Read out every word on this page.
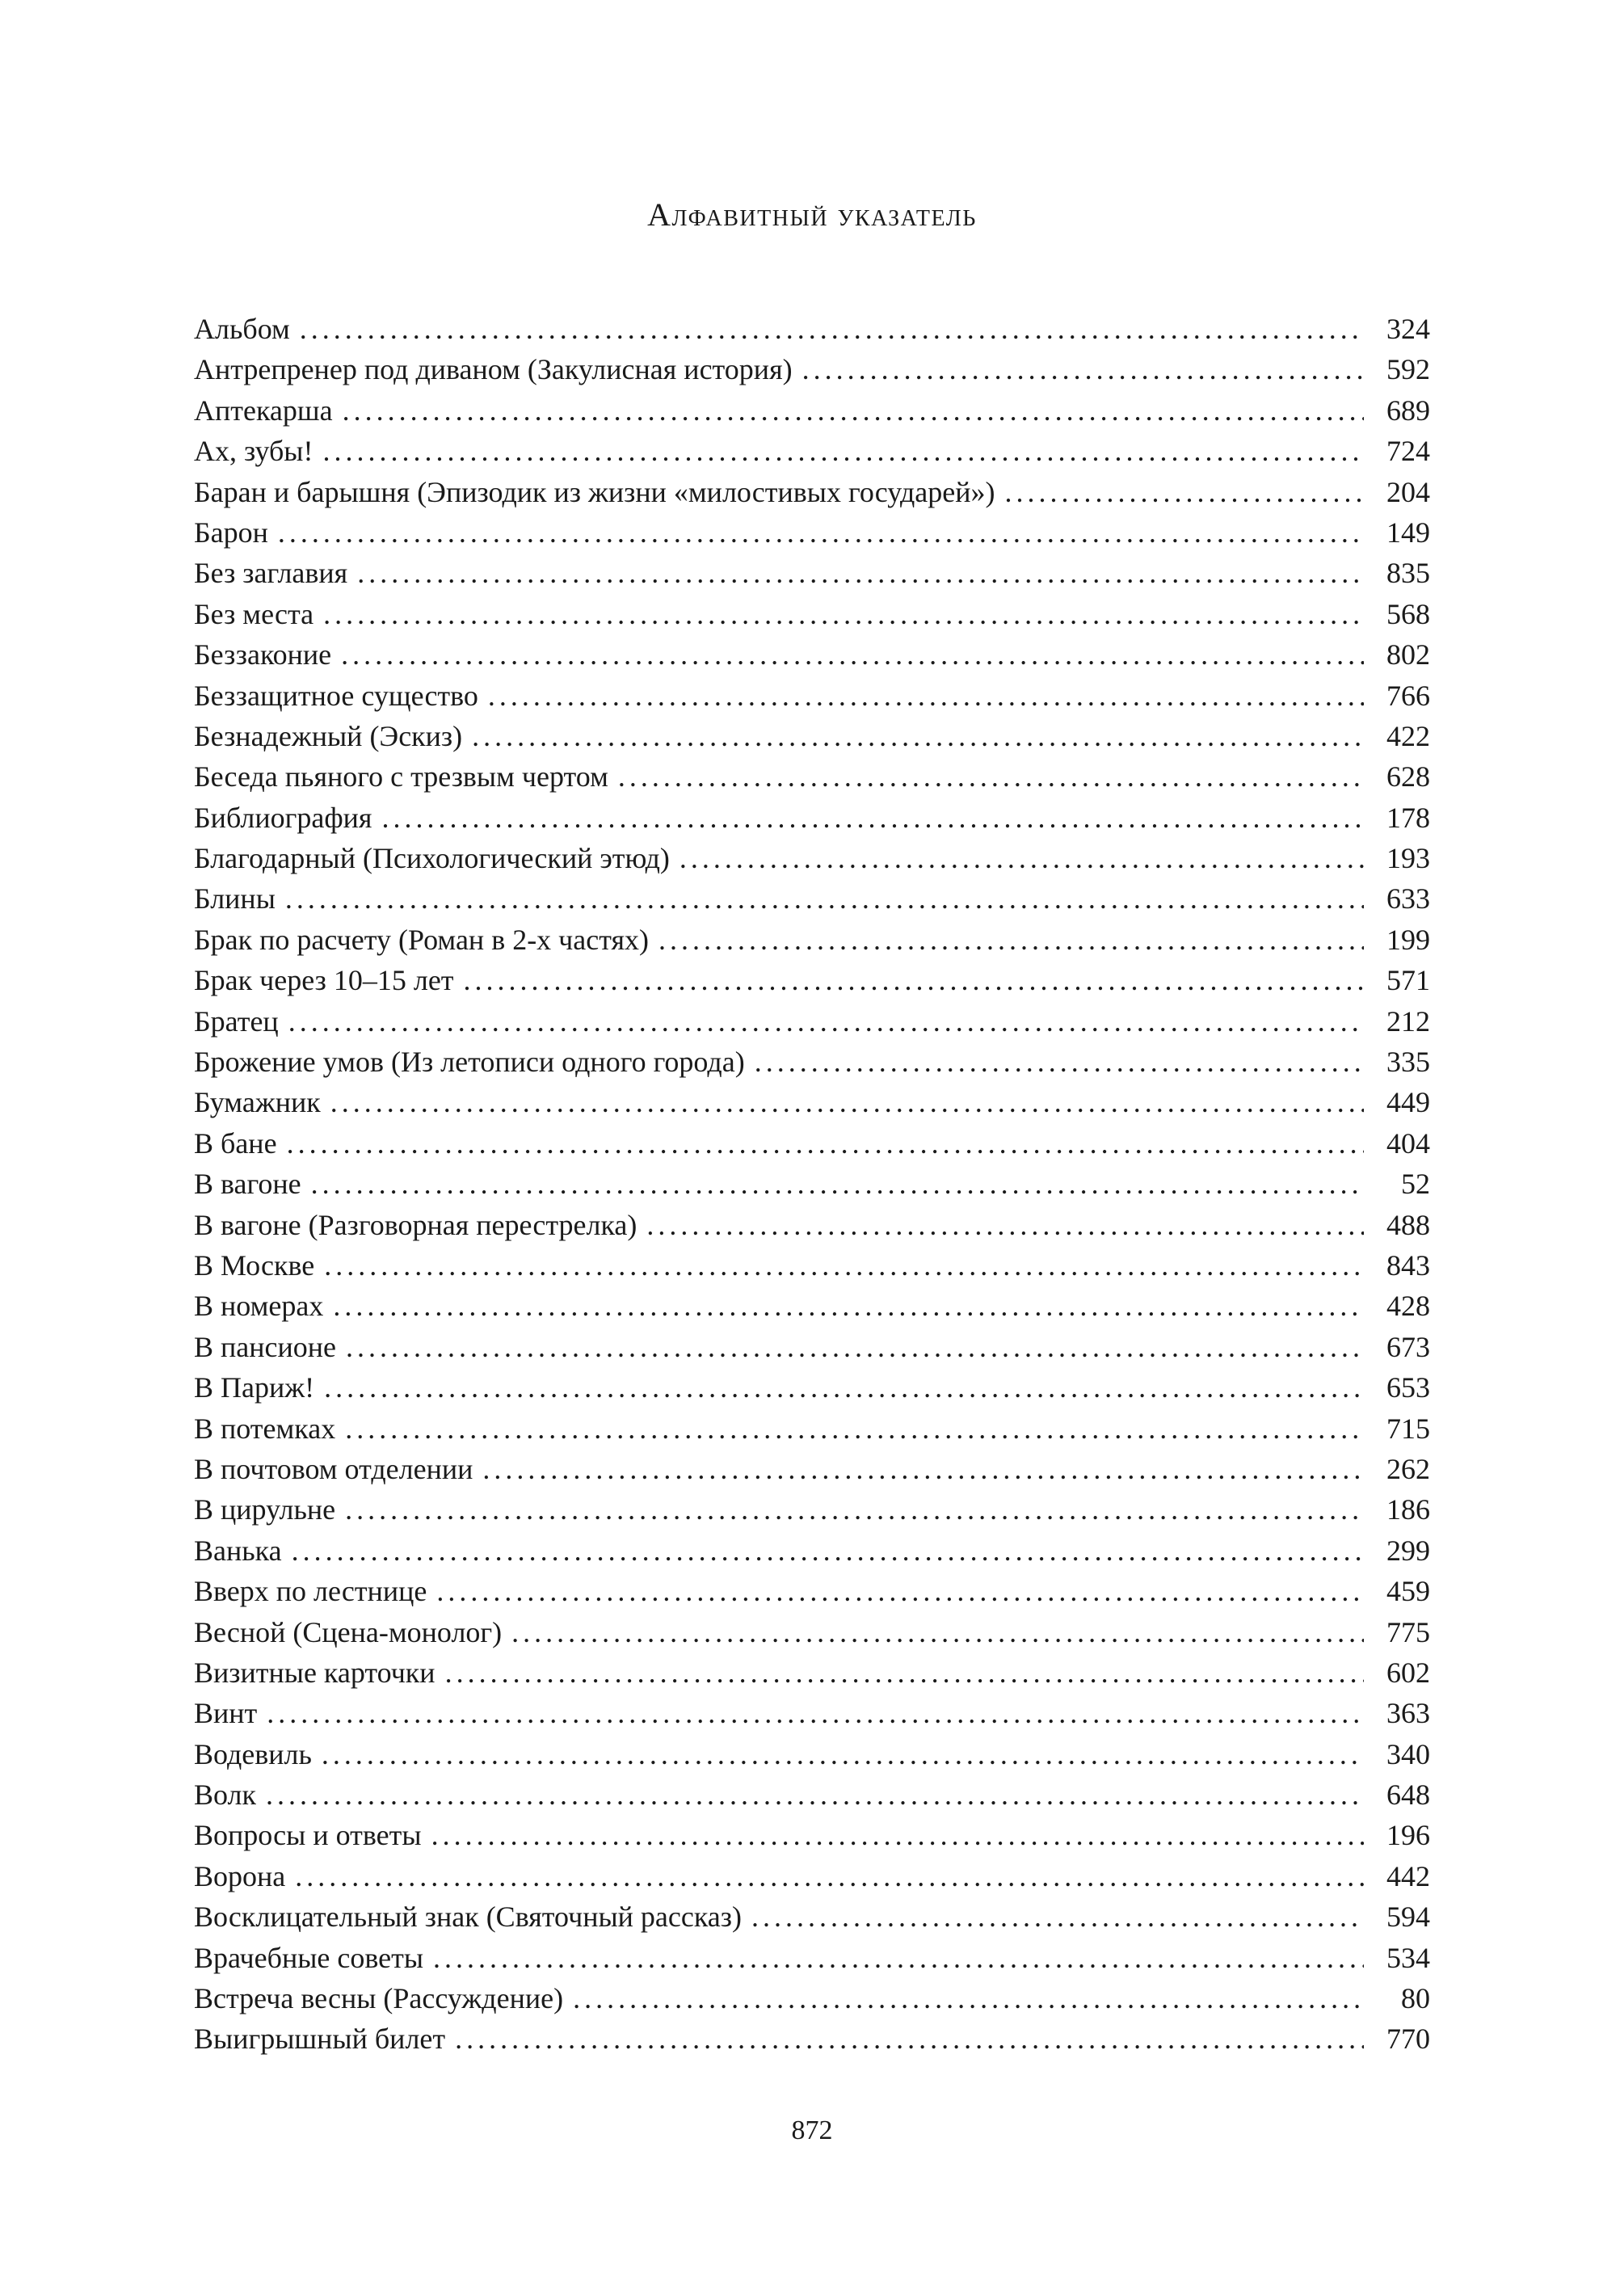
Алфавитный указатель
Альбом . . .	324
Антрепренер под диваном (Закулисная история) . . .	592
Аптекарша . . .	689
Ах, зубы! . . .	724
Баран и барышня (Эпизодик из жизни «милостивых государей») . . .	204
Барон . . .	149
Без заглавия . . .	835
Без места . . .	568
Беззаконие . . .	802
Беззащитное существо . . .	766
Безнадежный (Эскиз) . . .	422
Беседа пьяного с трезвым чертом . . .	628
Библиография . . .	178
Благодарный (Психологический этюд) . . .	193
Блины . . .	633
Брак по расчету (Роман в 2-х частях) . . .	199
Брак через 10–15 лет . . .	571
Братец . . .	212
Брожение умов (Из летописи одного города) . . .	335
Бумажник . . .	449
В бане . . .	404
В вагоне . . .	52
В вагоне (Разговорная перестрелка) . . .	488
В Москве . . .	843
В номерах . . .	428
В пансионе . . .	673
В Париж! . . .	653
В потемках . . .	715
В почтовом отделении . . .	262
В цирульне . . .	186
Ванька . . .	299
Вверх по лестнице . . .	459
Весной (Сцена-монолог) . . .	775
Визитные карточки . . .	602
Винт . . .	363
Водевиль . . .	340
Волк . . .	648
Вопросы и ответы . . .	196
Ворона . . .	442
Восклицательный знак (Святочный рассказ) . . .	594
Врачебные советы . . .	534
Встреча весны (Рассуждение) . . .	80
Выигрышный билет . . .	770
872
